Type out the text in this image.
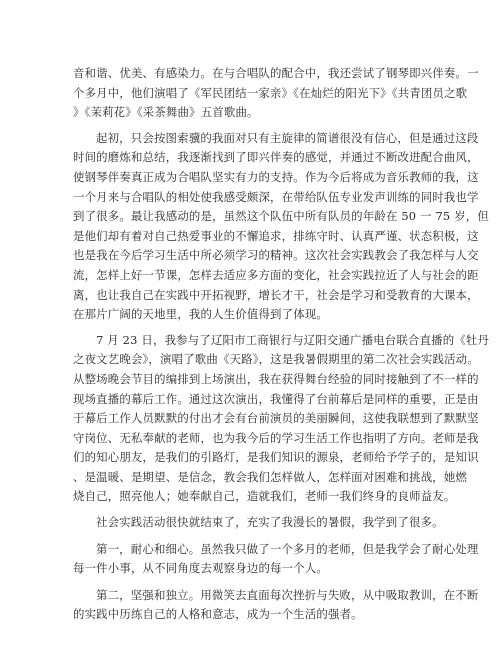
音和谐、优美、有感染力。在与合唱队的配合中，我还尝试了钢琴即兴伴奏。一
个多月中，他们演唱了《军民团结一家亲》《在灿烂的阳光下》《共青团员之歌
》《茉莉花》《采茶舞曲》五首歌曲。
起初，只会按图索骥的我面对只有主旋律的简谱很没有信心，但是通过这段
时间的磨炼和总结，我逐渐找到了即兴伴奏的感觉，并通过不断改进配合曲风，
使钢琴伴奏真正成为合唱队坚实有力的支持。作为今后将成为音乐教师的我，这
一个月来与合唱队的相处使我感受颇深，在带给队伍专业发声训练的同时我也学
到了很多。最让我感动的是，虽然这个队伍中所有队员的年龄在 50 一 75 岁，但
是他们却有着对自己热爱事业的不懈追求，排练守时、认真严谨、状态积极，这
也是我在今后学习生活中所必须学习的精神。这次社会实践教会了我怎样与人交
流，怎样上好一节课，怎样去适应多方面的变化，社会实践拉近了人与社会的距
离，也让我自己在实践中开拓视野，增长才干，社会是学习和受教育的大课本，
在那片广阔的天地里，我的人生价值得到了体现。
7 月 23 日，我参与了辽阳市工商银行与辽阳交通广播电台联合直播的《牡丹
之夜文艺晚会》，演唱了歌曲《天路》，这是我暑假期里的第二次社会实践活动。
从整场晚会节目的编排到上场演出，我在获得舞台经验的同时接触到了不一样的
现场直播的幕后工作。通过这次演出，我懂得了台前幕后是同样的重要，正是由
于幕后工作人员默默的付出才会有台前演员的美丽瞬间，这使我联想到了默默坚
守岗位、无私奉献的老师，也为我今后的学习生活工作也指明了方向。老师是我
们的知心朋友，是我们的引路灯，是我们知识的源泉，老师给予学子的，是知识
、是温暖、是期望、是信念，教会我们怎样做人，怎样面对困难和挑战，她燃
烧自己，照亮他人；她奉献自己，造就我们，老师一我们终身的良师益友。
社会实践活动很快就结束了，充实了我漫长的暑假，我学到了很多。
第一，耐心和细心。虽然我只做了一个多月的老师，但是我学会了耐心处理
每一件小事，从不同角度去观察身边的每一个人。
第二，坚强和独立。用微笑去直面每次挫折与失败，从中吸取教训，在不断
的实践中历练自己的人格和意志，成为一个生活的强者。
